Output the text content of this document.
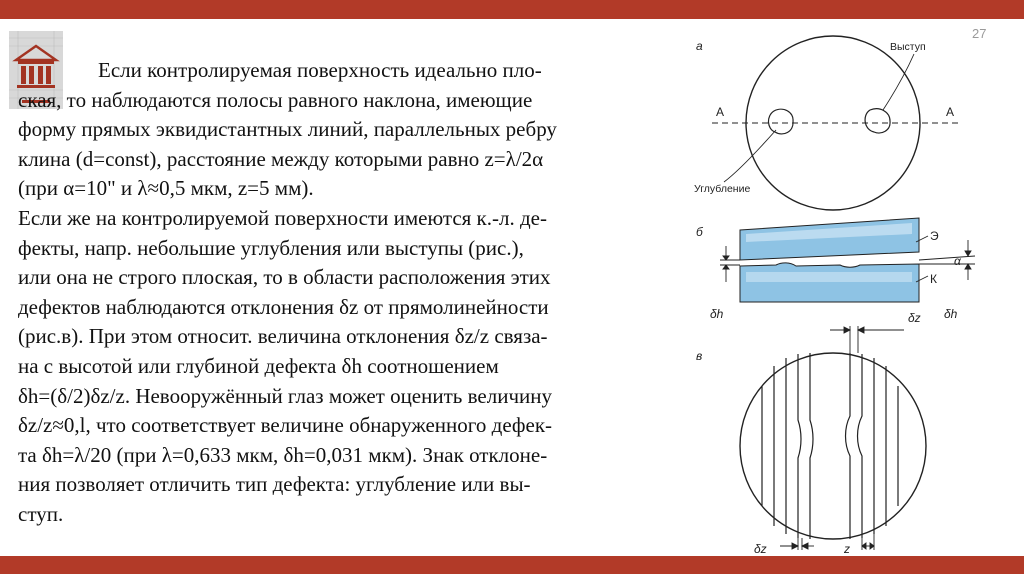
27
Если контролируемая поверхность идеально пло-
ская, то наблюдаются полосы равного наклона, имеющие
форму прямых эквидистантных линий, параллельных ребру
клина (d=const), расстояние между которыми равно z=λ/2α
(при α=10" и λ≈0,5 мкм, z=5 мм).
Если же на контролируемой поверхности имеются к.-л. де-
фекты, напр. небольшие углубления или выступы (рис.),
или она не строго плоская, то в области расположения этих
дефектов наблюдаются отклонения δz от прямолинейности
(рис.в). При этом относит. величина отклонения δz/z связа-
на с высотой или глубиной дефекта δh соотношением
δh=(δ/2)δz/z. Невооружённый глаз может оценить величину
δz/z≈0,l, что соответствует величине обнаруженного дефек-
та δh=λ/20 (при λ=0,633 мкм, δh=0,031 мкм). Знак отклоне-
ния позволяет отличить тип дефекта: углубление или вы-
ступ.
а
А	А
Выступ
Углубление
б	Э
К
α
δh	δh
в
δz
δz	z
